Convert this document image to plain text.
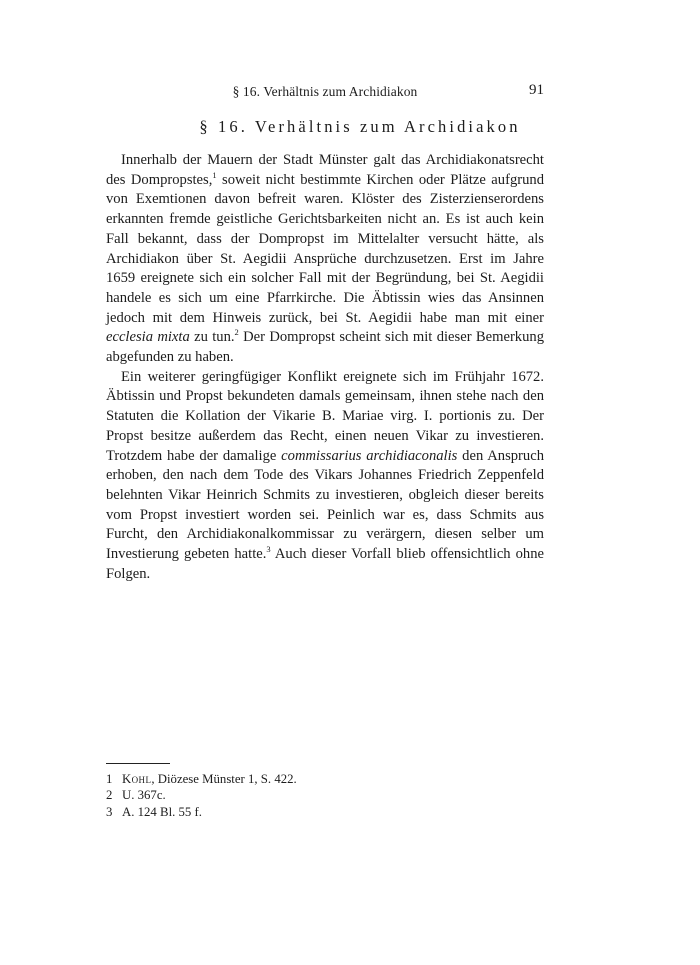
§ 16. Verhältnis zum Archidiakon	91
§ 16. Verhältnis zum Archidiakon

Innerhalb der Mauern der Stadt Münster galt das Archidiakonatsrecht des Dompropstes,$^1$ soweit nicht bestimmte Kirchen oder Plätze aufgrund von Exemtionen davon befreit waren. Klöster des Zisterzienserordens erkannten fremde geistliche Gerichtsbarkeiten nicht an. Es ist auch kein Fall bekannt, dass der Dompropst im Mittelalter versucht hätte, als Archidiakon über St. Aegidii Ansprüche durchzusetzen. Erst im Jahre 1659 ereignete sich ein solcher Fall mit der Begründung, bei St. Aegidii handele es sich um eine Pfarrkirche. Die Äbtissin wies das Ansinnen jedoch mit dem Hinweis zurück, bei St. Aegidii habe man mit einer ecclesia mixta zu tun.$^2$ Der Dompropst scheint sich mit dieser Bemerkung abgefunden zu haben.

Ein weiterer geringfügiger Konflikt ereignete sich im Frühjahr 1672. Äbtissin und Propst bekundeten damals gemeinsam, ihnen stehe nach den Statuten die Kollation der Vikarie B. Mariae virg. I. portionis zu. Der Propst besitze außerdem das Recht, einen neuen Vikar zu investieren. Trotzdem habe der damalige commissarius archidiaconalis den Anspruch erhoben, den nach dem Tode des Vikars Johannes Friedrich Zeppenfeld belehnten Vikar Heinrich Schmits zu investieren, obgleich dieser bereits vom Propst investiert worden sei. Peinlich war es, dass Schmits aus Furcht, den Archidiakonalkommissar zu verärgern, diesen selber um Investierung gebeten hatte.$^3$ Auch dieser Vorfall blieb offensichtlich ohne Folgen.

1 Kohl, Diözese Münster 1, S. 422.
2 U. 367c.
3 A. 124 Bl. 55 f.
